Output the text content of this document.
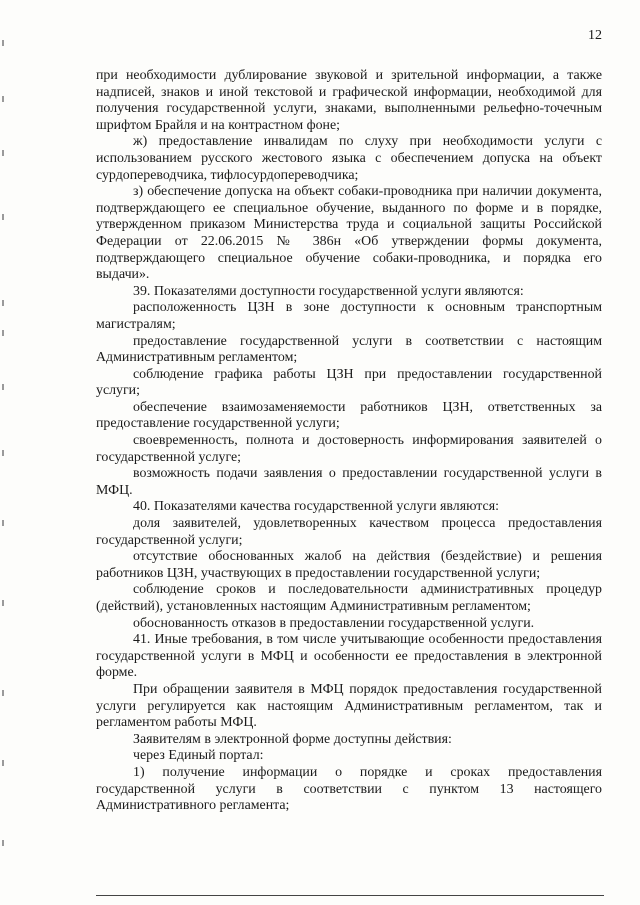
12

при необходимости дублирование звуковой и зрительной информации, а также надписей, знаков и иной текстовой и графической информации, необходимой для получения государственной услуги, знаками, выполненными рельефно-точечным шрифтом Брайля и на контрастном фоне;

ж) предоставление инвалидам по слуху при необходимости услуги с использованием русского жестового языка с обеспечением допуска на объект сурдопереводчика, тифлосурдопереводчика;

з) обеспечение допуска на объект собаки-проводника при наличии документа, подтверждающего ее специальное обучение, выданного по форме и в порядке, утвержденном приказом Министерства труда и социальной защиты Российской Федерации от 22.06.2015 № 386н «Об утверждении формы документа, подтверждающего специальное обучение собаки-проводника, и порядка его выдачи».

39. Показателями доступности государственной услуги являются:

расположенность ЦЗН в зоне доступности к основным транспортным магистралям;

предоставление государственной услуги в соответствии с настоящим Административным регламентом;

соблюдение графика работы ЦЗН при предоставлении государственной услуги;

обеспечение взаимозаменяемости работников ЦЗН, ответственных за предоставление государственной услуги;

своевременность, полнота и достоверность информирования заявителей о государственной услуге;

возможность подачи заявления о предоставлении государственной услуги в МФЦ.

40. Показателями качества государственной услуги являются:

доля заявителей, удовлетворенных качеством процесса предоставления государственной услуги;

отсутствие обоснованных жалоб на действия (бездействие) и решения работников ЦЗН, участвующих в предоставлении государственной услуги;

соблюдение сроков и последовательности административных процедур (действий), установленных настоящим Административным регламентом;

обоснованность отказов в предоставлении государственной услуги.

41. Иные требования, в том числе учитывающие особенности предоставления государственной услуги в МФЦ и особенности ее предоставления в электронной форме.

При обращении заявителя в МФЦ порядок предоставления государственной услуги регулируется как настоящим Административным регламентом, так и регламентом работы МФЦ.

Заявителям в электронной форме доступны действия:

через Единый портал:

1) получение информации о порядке и сроках предоставления государственной услуги в соответствии с пунктом 13 настоящего Административного регламента;
